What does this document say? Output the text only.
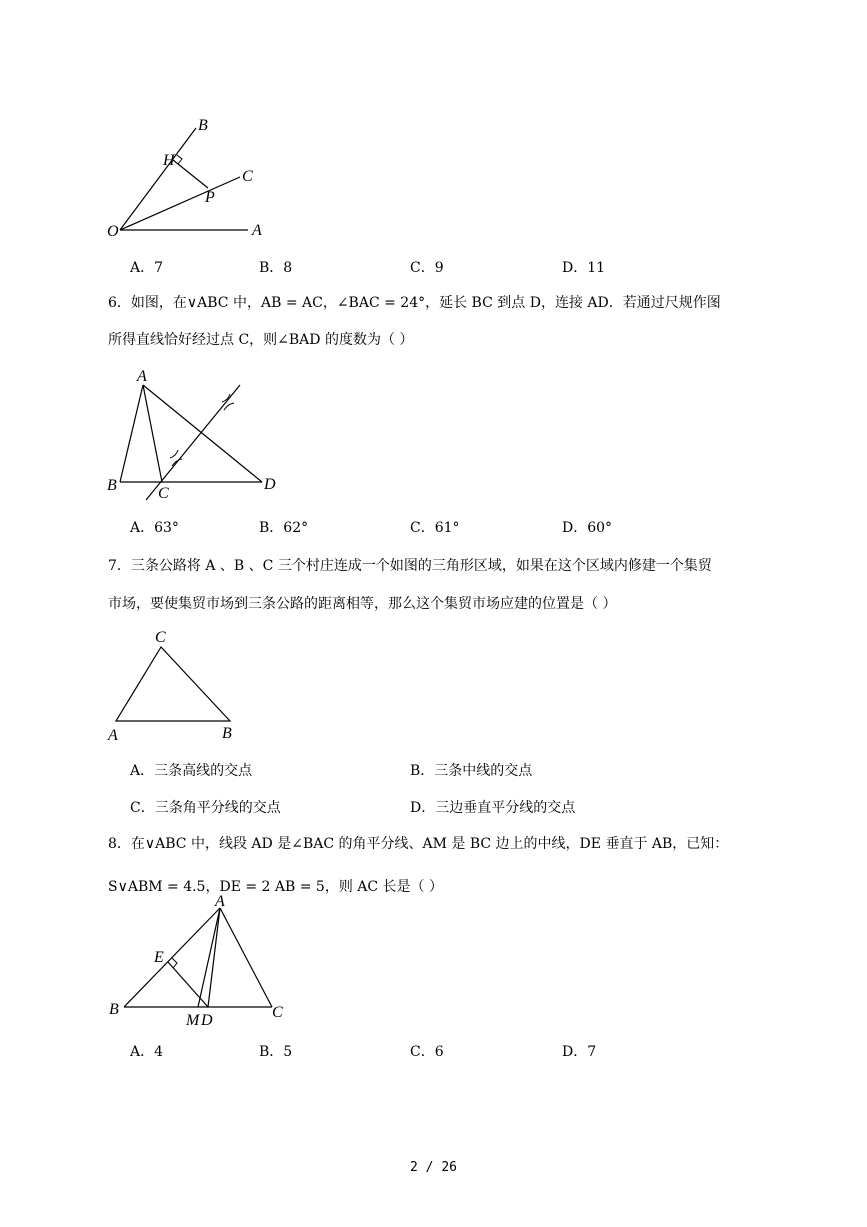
B
H
C
P
O	A
A．7	B．8	C．9	D．11
6．如图，在∨ABC 中，AB = AC，∠BAC = 24°，延长 BC 到点 D，连接 AD．若通过尺规作图
所得直线恰好经过点 C，则∠BAD 的度数为（ ）
A
B	C
D
A．63°	B．62°	C．61°	D．60°
7．三条公路将 A 、B 、C 三个村庄连成一个如图的三角形区域，如果在这个区域内修建一个集贸
市场，要使集贸市场到三条公路的距离相等，那么这个集贸市场应建的位置是（ ）
C
A	B
A．三条高线的交点	B．三条中线的交点
C．三条角平分线的交点	D．三边垂直平分线的交点
8．在∨ABC 中，线段 AD 是∠BAC 的角平分线、AM 是 BC 边上的中线，DE 垂直于 AB，已知：
S∨ABM = 4.5，DE = 2 AB = 5，则 AC 长是（ ）
A
E
B
M D	C
A．4	B．5	C．6	D．7
2 / 26
